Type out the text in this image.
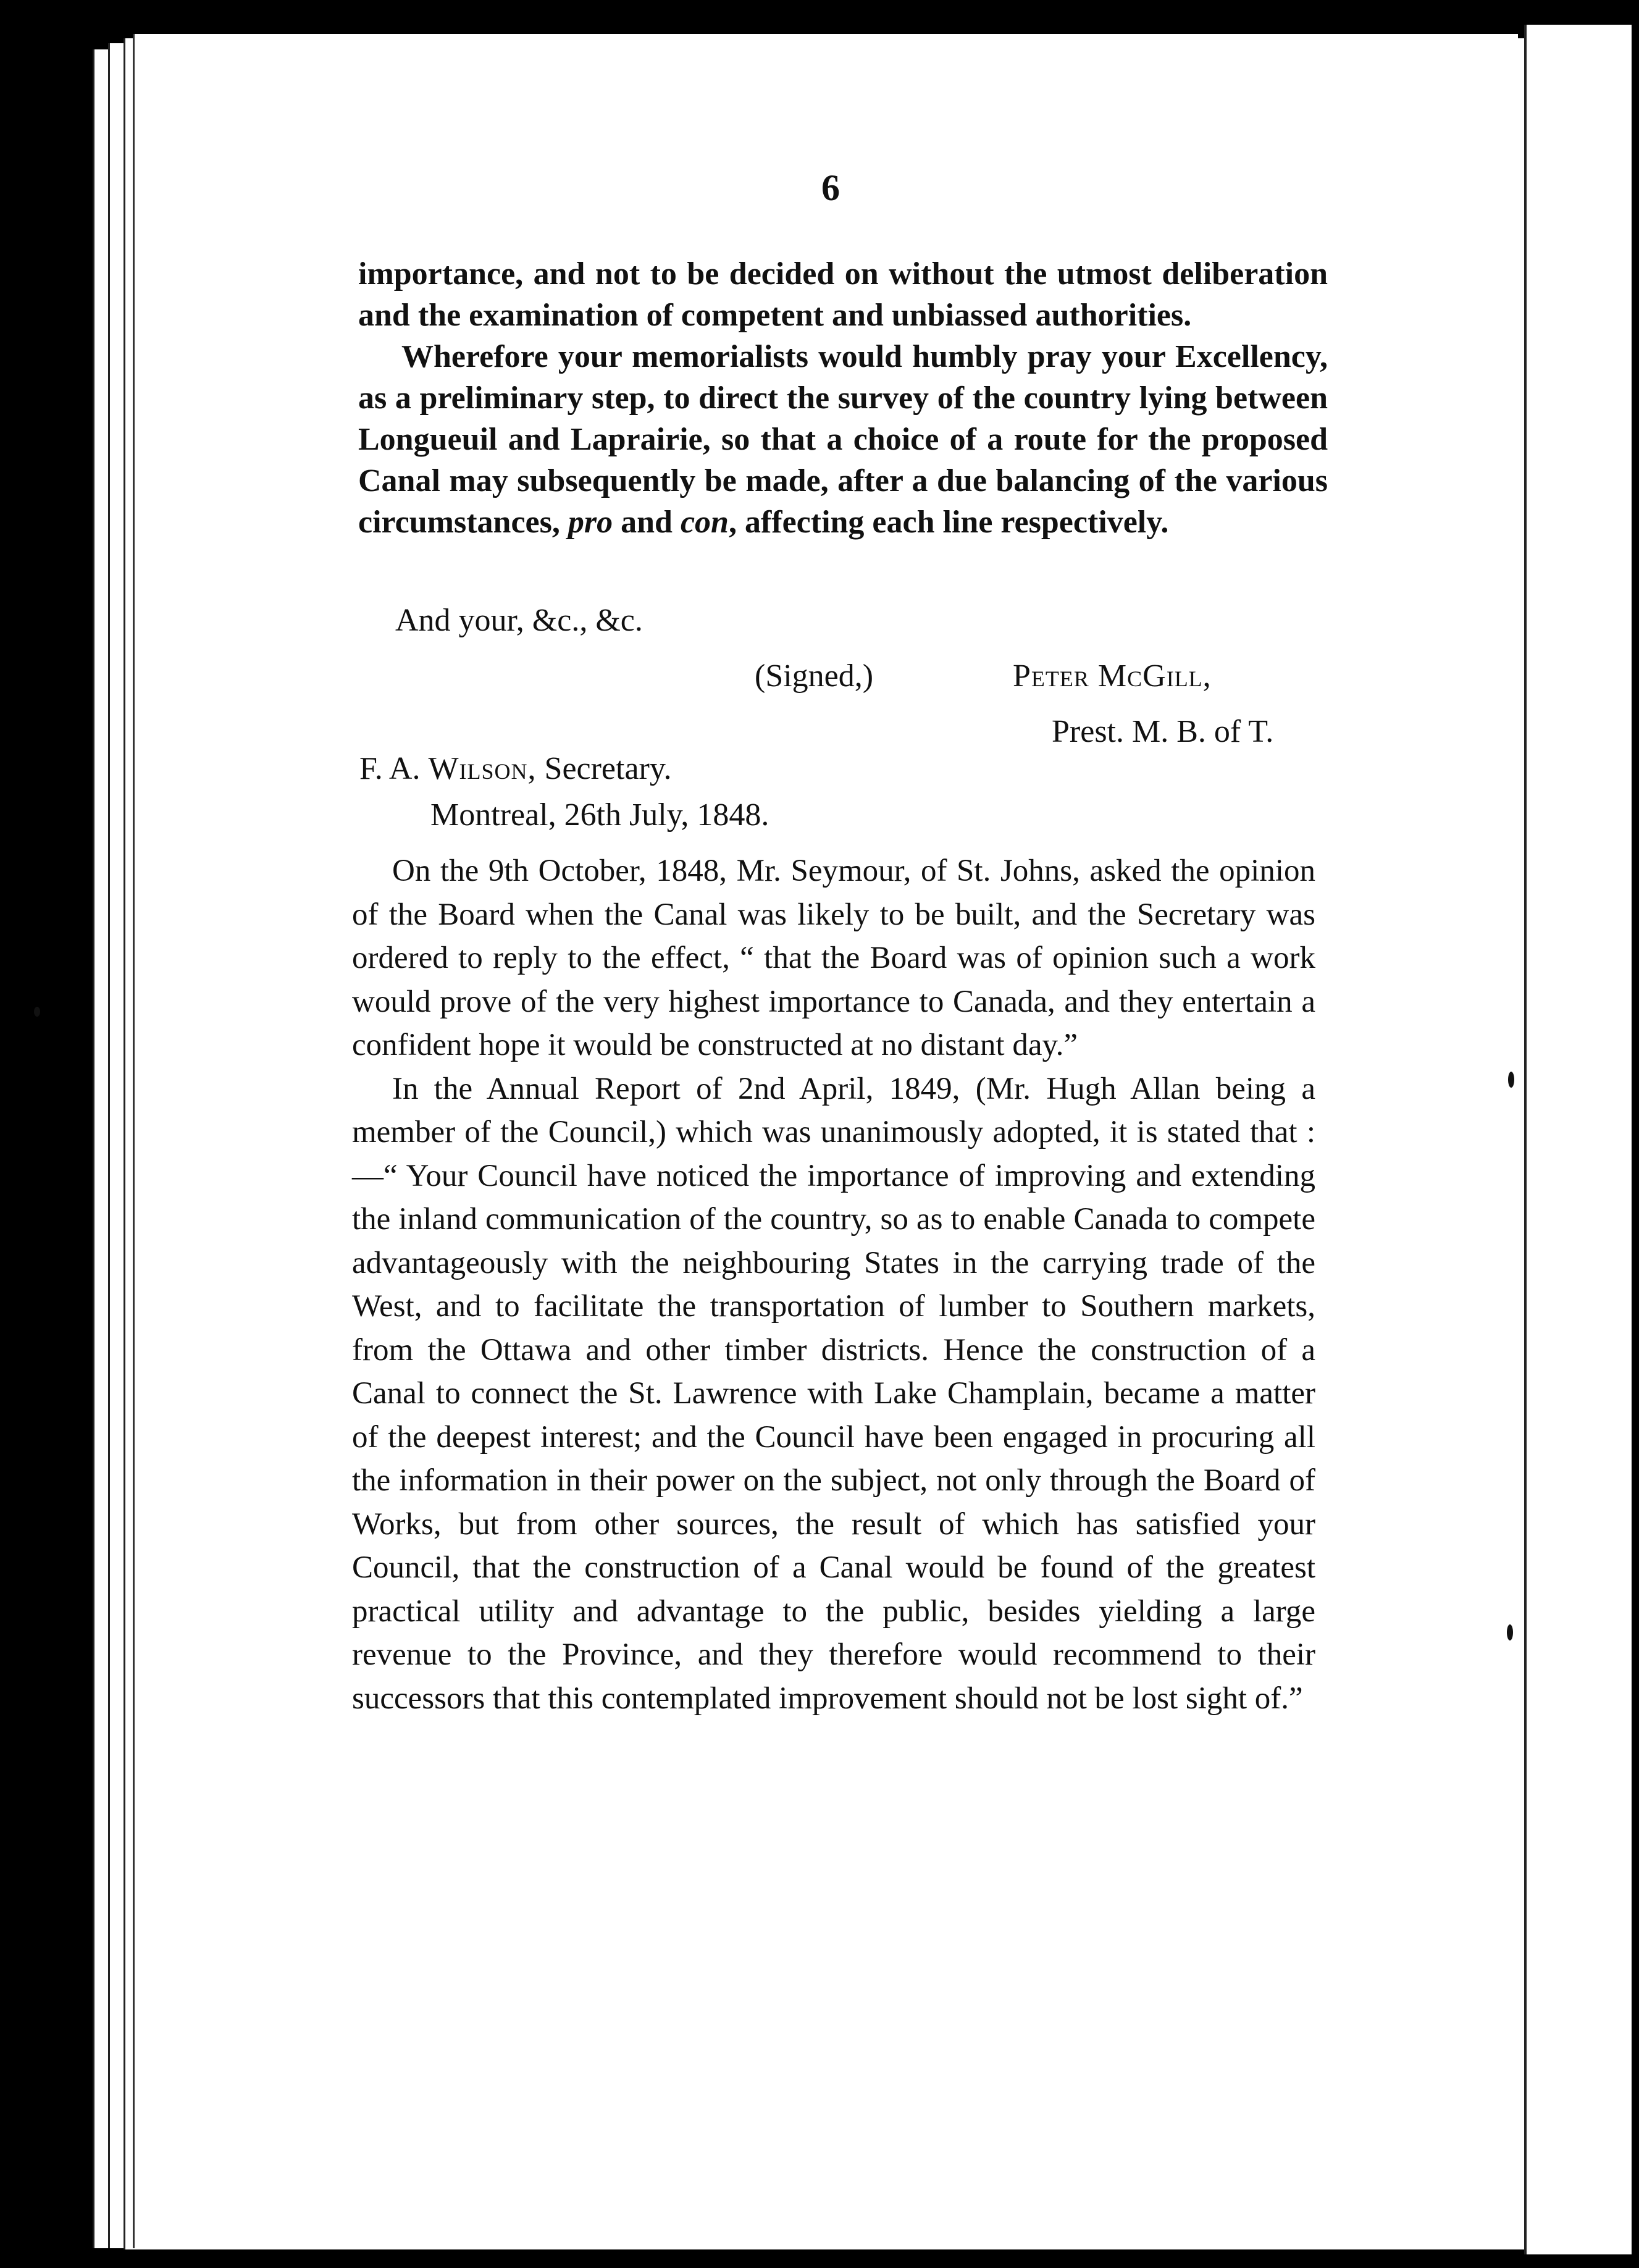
6

importance, and not to be decided on without the utmost deliberation and the examination of competent and unbiassed authorities.

Wherefore your memorialists would humbly pray your Excellency, as a preliminary step, to direct the survey of the country lying between Longueuil and Laprairie, so that a choice of a route for the proposed Canal may subsequently be made, after a due balancing of the various circumstances, pro and con, affecting each line respectively.

And your, &c., &c.
(Signed,)	Peter McGill,
Prest. M. B. of T.
F. A. Wilson, Secretary.
Montreal, 26th July, 1848.

On the 9th October, 1848, Mr. Seymour, of St. Johns, asked the opinion of the Board when the Canal was likely to be built, and the Secretary was ordered to reply to the effect, “ that the Board was of opinion such a work would prove of the very highest importance to Canada, and they entertain a confident hope it would be constructed at no distant day.”

In the Annual Report of 2nd April, 1849, (Mr. Hugh Allan being a member of the Council,) which was unanimously adopted, it is stated that :—“ Your Council have noticed the importance of improving and extending the inland communication of the country, so as to enable Canada to compete advantageously with the neighbouring States in the carrying trade of the West, and to facilitate the transportation of lumber to Southern markets, from the Ottawa and other timber districts. Hence the construction of a Canal to connect the St. Lawrence with Lake Champlain, became a matter of the deepest interest; and the Council have been engaged in procuring all the information in their power on the subject, not only through the Board of Works, but from other sources, the result of which has satisfied your Council, that the construction of a Canal would be found of the greatest practical utility and advantage to the public, besides yielding a large revenue to the Province, and they therefore would recommend to their successors that this contemplated improvement should not be lost sight of.”
